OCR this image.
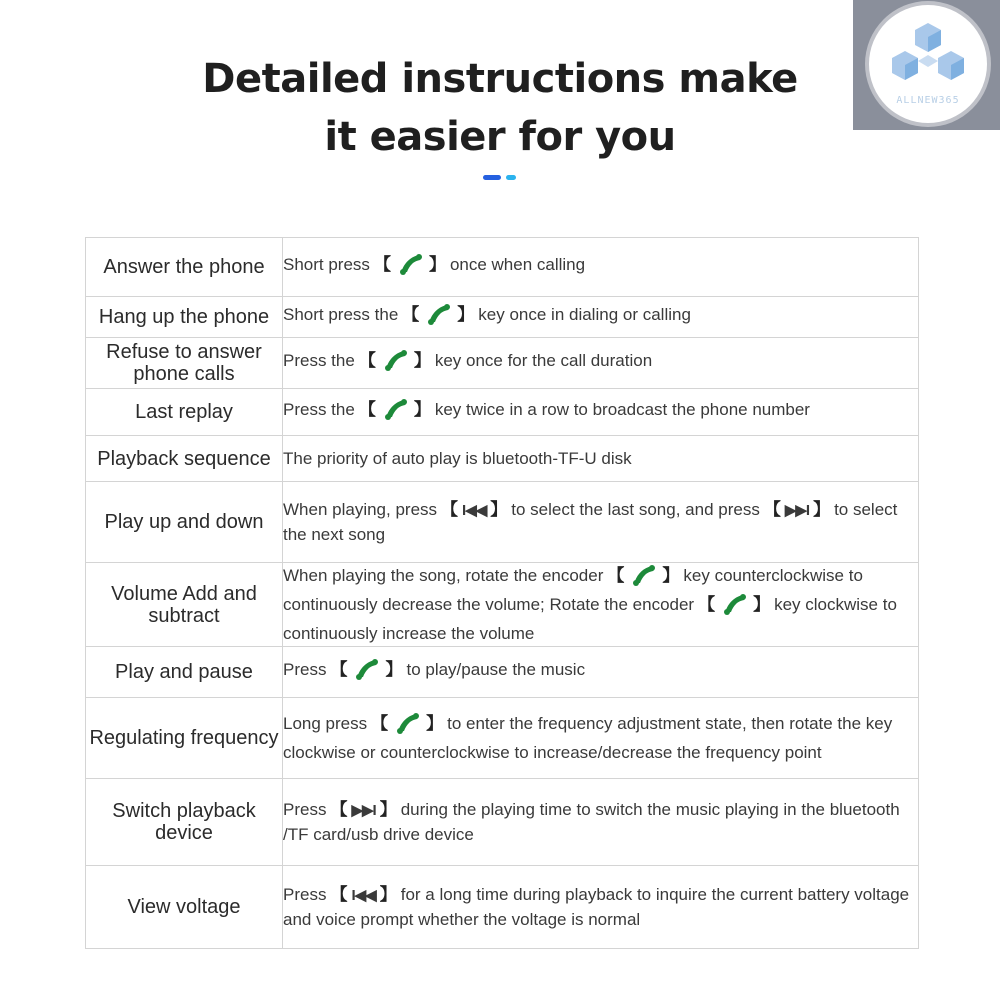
ALLNEW365
Detailed instructions make
it easier for you
Answer the phone	Short press 【 】 once when calling
Hang up the phone	Short press the 【 】 key once in dialing or calling
Refuse to answer phone calls	Press the 【 】 key once for the call duration
Last replay	Press the 【 】 key twice in a row to broadcast the phone number
Playback sequence	The priority of auto play is bluetooth-TF-U disk
Play up and down	When playing, press 【 I◀◀ 】 to select the last song, and press 【 ▶▶I 】 to select the next song
Volume Add and subtract	When playing the song, rotate the encoder 【 】 key counterclockwise to continuously decrease the volume; Rotate the encoder 【 】 key clockwise to continuously increase the volume
Play and pause	Press 【 】 to play/pause the music
Regulating frequency	Long press 【 】 to enter the frequency adjustment state, then rotate the key clockwise or counterclockwise to increase/decrease the frequency point
Switch playback device	Press 【 ▶▶I 】 during the playing time to switch the music playing in the bluetooth /TF card/usb drive device
View voltage	Press 【 I◀◀ 】 for a long time during playback to inquire the current battery voltage and voice prompt whether the voltage is normal
